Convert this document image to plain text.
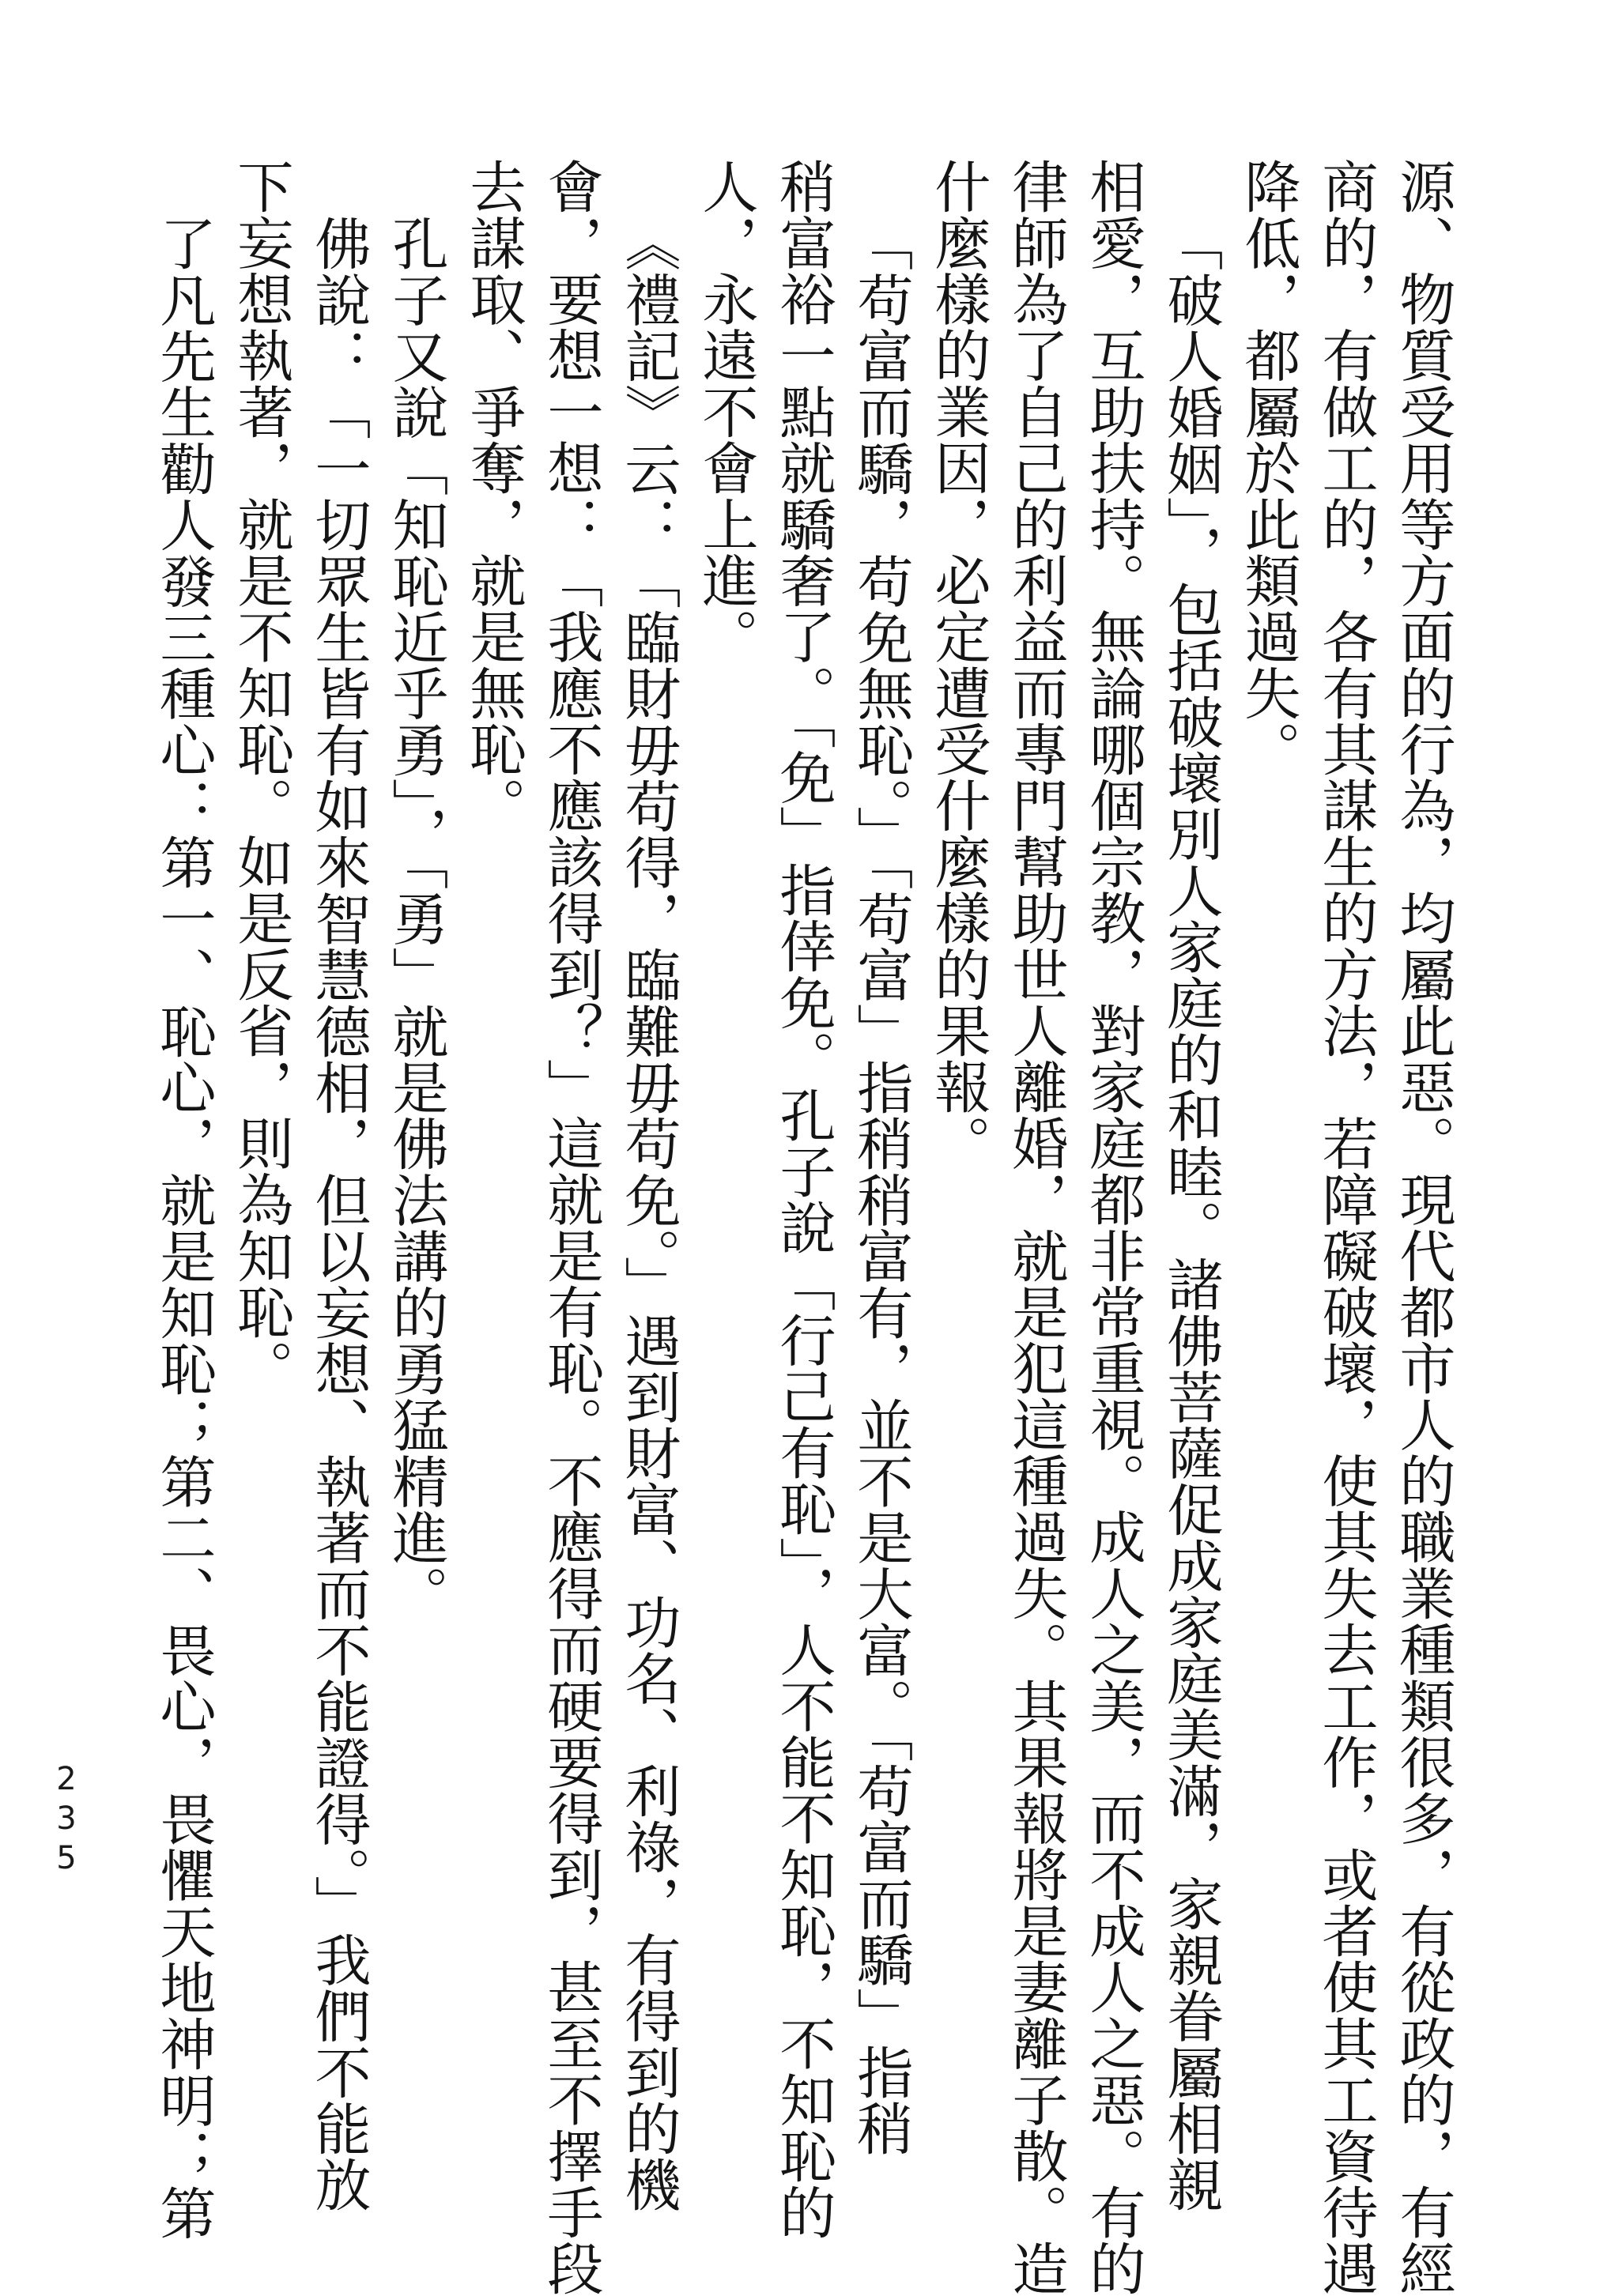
源、物質受用等方面的行為，均屬此惡。現代都市人的職業種類很多，有從政的，有經
商的，有做工的，各有其謀生的方法，若障礙破壞，使其失去工作，或者使其工資待遇
降低，都屬於此類過失。
「破人婚姻」，包括破壞別人家庭的和睦。諸佛菩薩促成家庭美滿，家親眷屬相親
相愛，互助扶持。無論哪個宗教，對家庭都非常重視。成人之美，而不成人之惡。有的
律師為了自己的利益而專門幫助世人離婚，就是犯這種過失。其果報將是妻離子散。造
什麼樣的業因，必定遭受什麼樣的果報。
「苟富而驕，苟免無恥。」「苟富」指稍稍富有，並不是大富。「苟富而驕」指稍
稍富裕一點就驕奢了。「免」指倖免。孔子說「行己有恥」，人不能不知恥，不知恥的
人，永遠不會上進。
《禮記》云：「臨財毋苟得，臨難毋苟免。」遇到財富、功名、利祿，有得到的機
會，要想一想：「我應不應該得到？」這就是有恥。不應得而硬要得到，甚至不擇手段
去謀取、爭奪，就是無恥。
孔子又說「知恥近乎勇」，「勇」就是佛法講的勇猛精進。
佛說：「一切眾生皆有如來智慧德相，但以妄想、執著而不能證得。」我們不能放
下妄想執著，就是不知恥。如是反省，則為知恥。
了凡先生勸人發三種心：第一、恥心，就是知恥；第二、畏心，畏懼天地神明；第
235
